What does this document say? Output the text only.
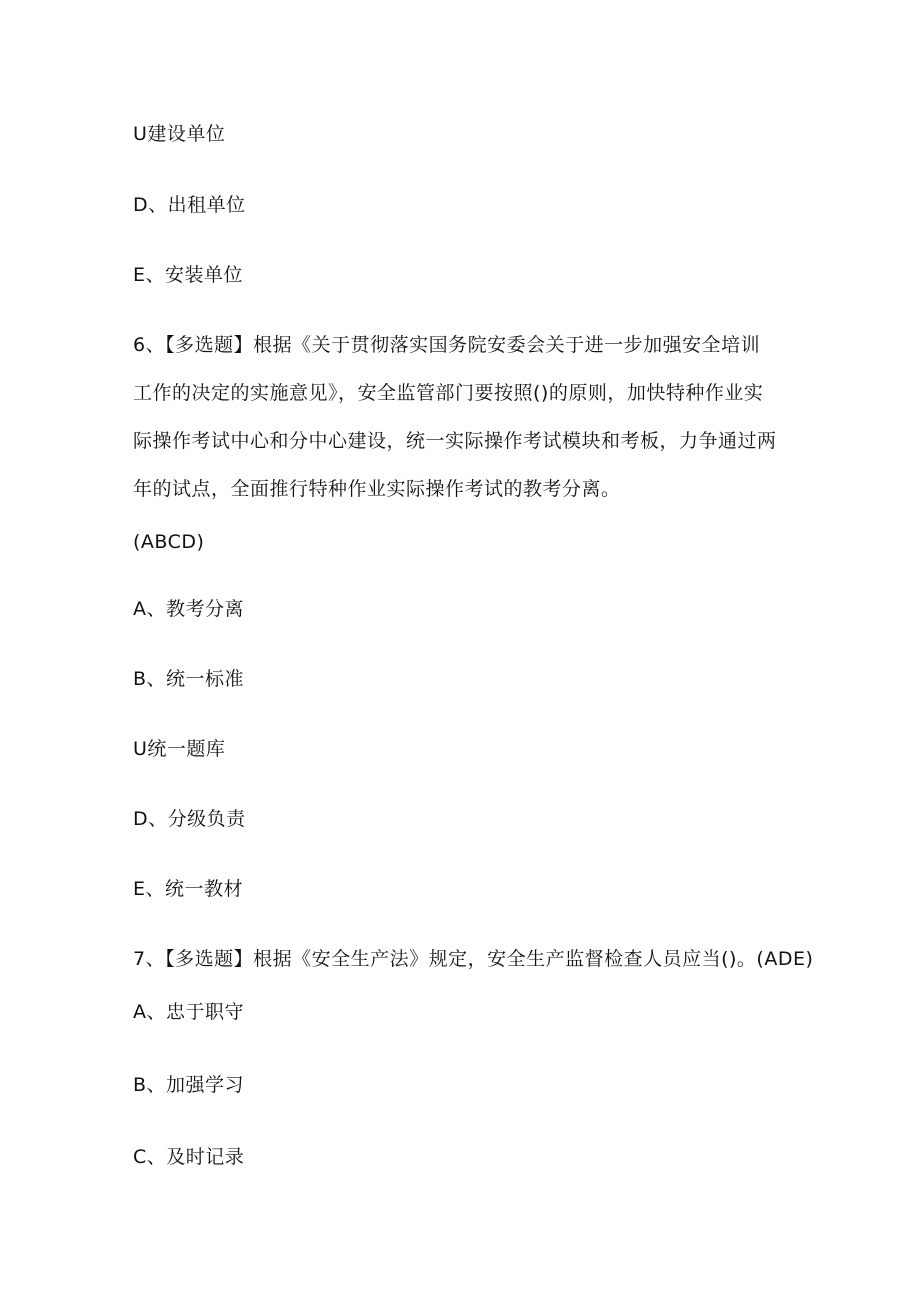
U建设单位
D、出租单位
E、安装单位
6、【多选题】根据《关于贯彻落实国务院安委会关于进一步加强安全培训
工作的决定的实施意见》，安全监管部门要按照()的原则，加快特种作业实
际操作考试中心和分中心建设，统一实际操作考试模块和考板，力争通过两
年的试点，全面推行特种作业实际操作考试的教考分离。
(ABCD)
A、教考分离
B、统一标准
U统一题库
D、分级负责
E、统一教材
7、【多选题】根据《安全生产法》规定，安全生产监督检查人员应当()。(ADE)
A、忠于职守
B、加强学习
C、及时记录
